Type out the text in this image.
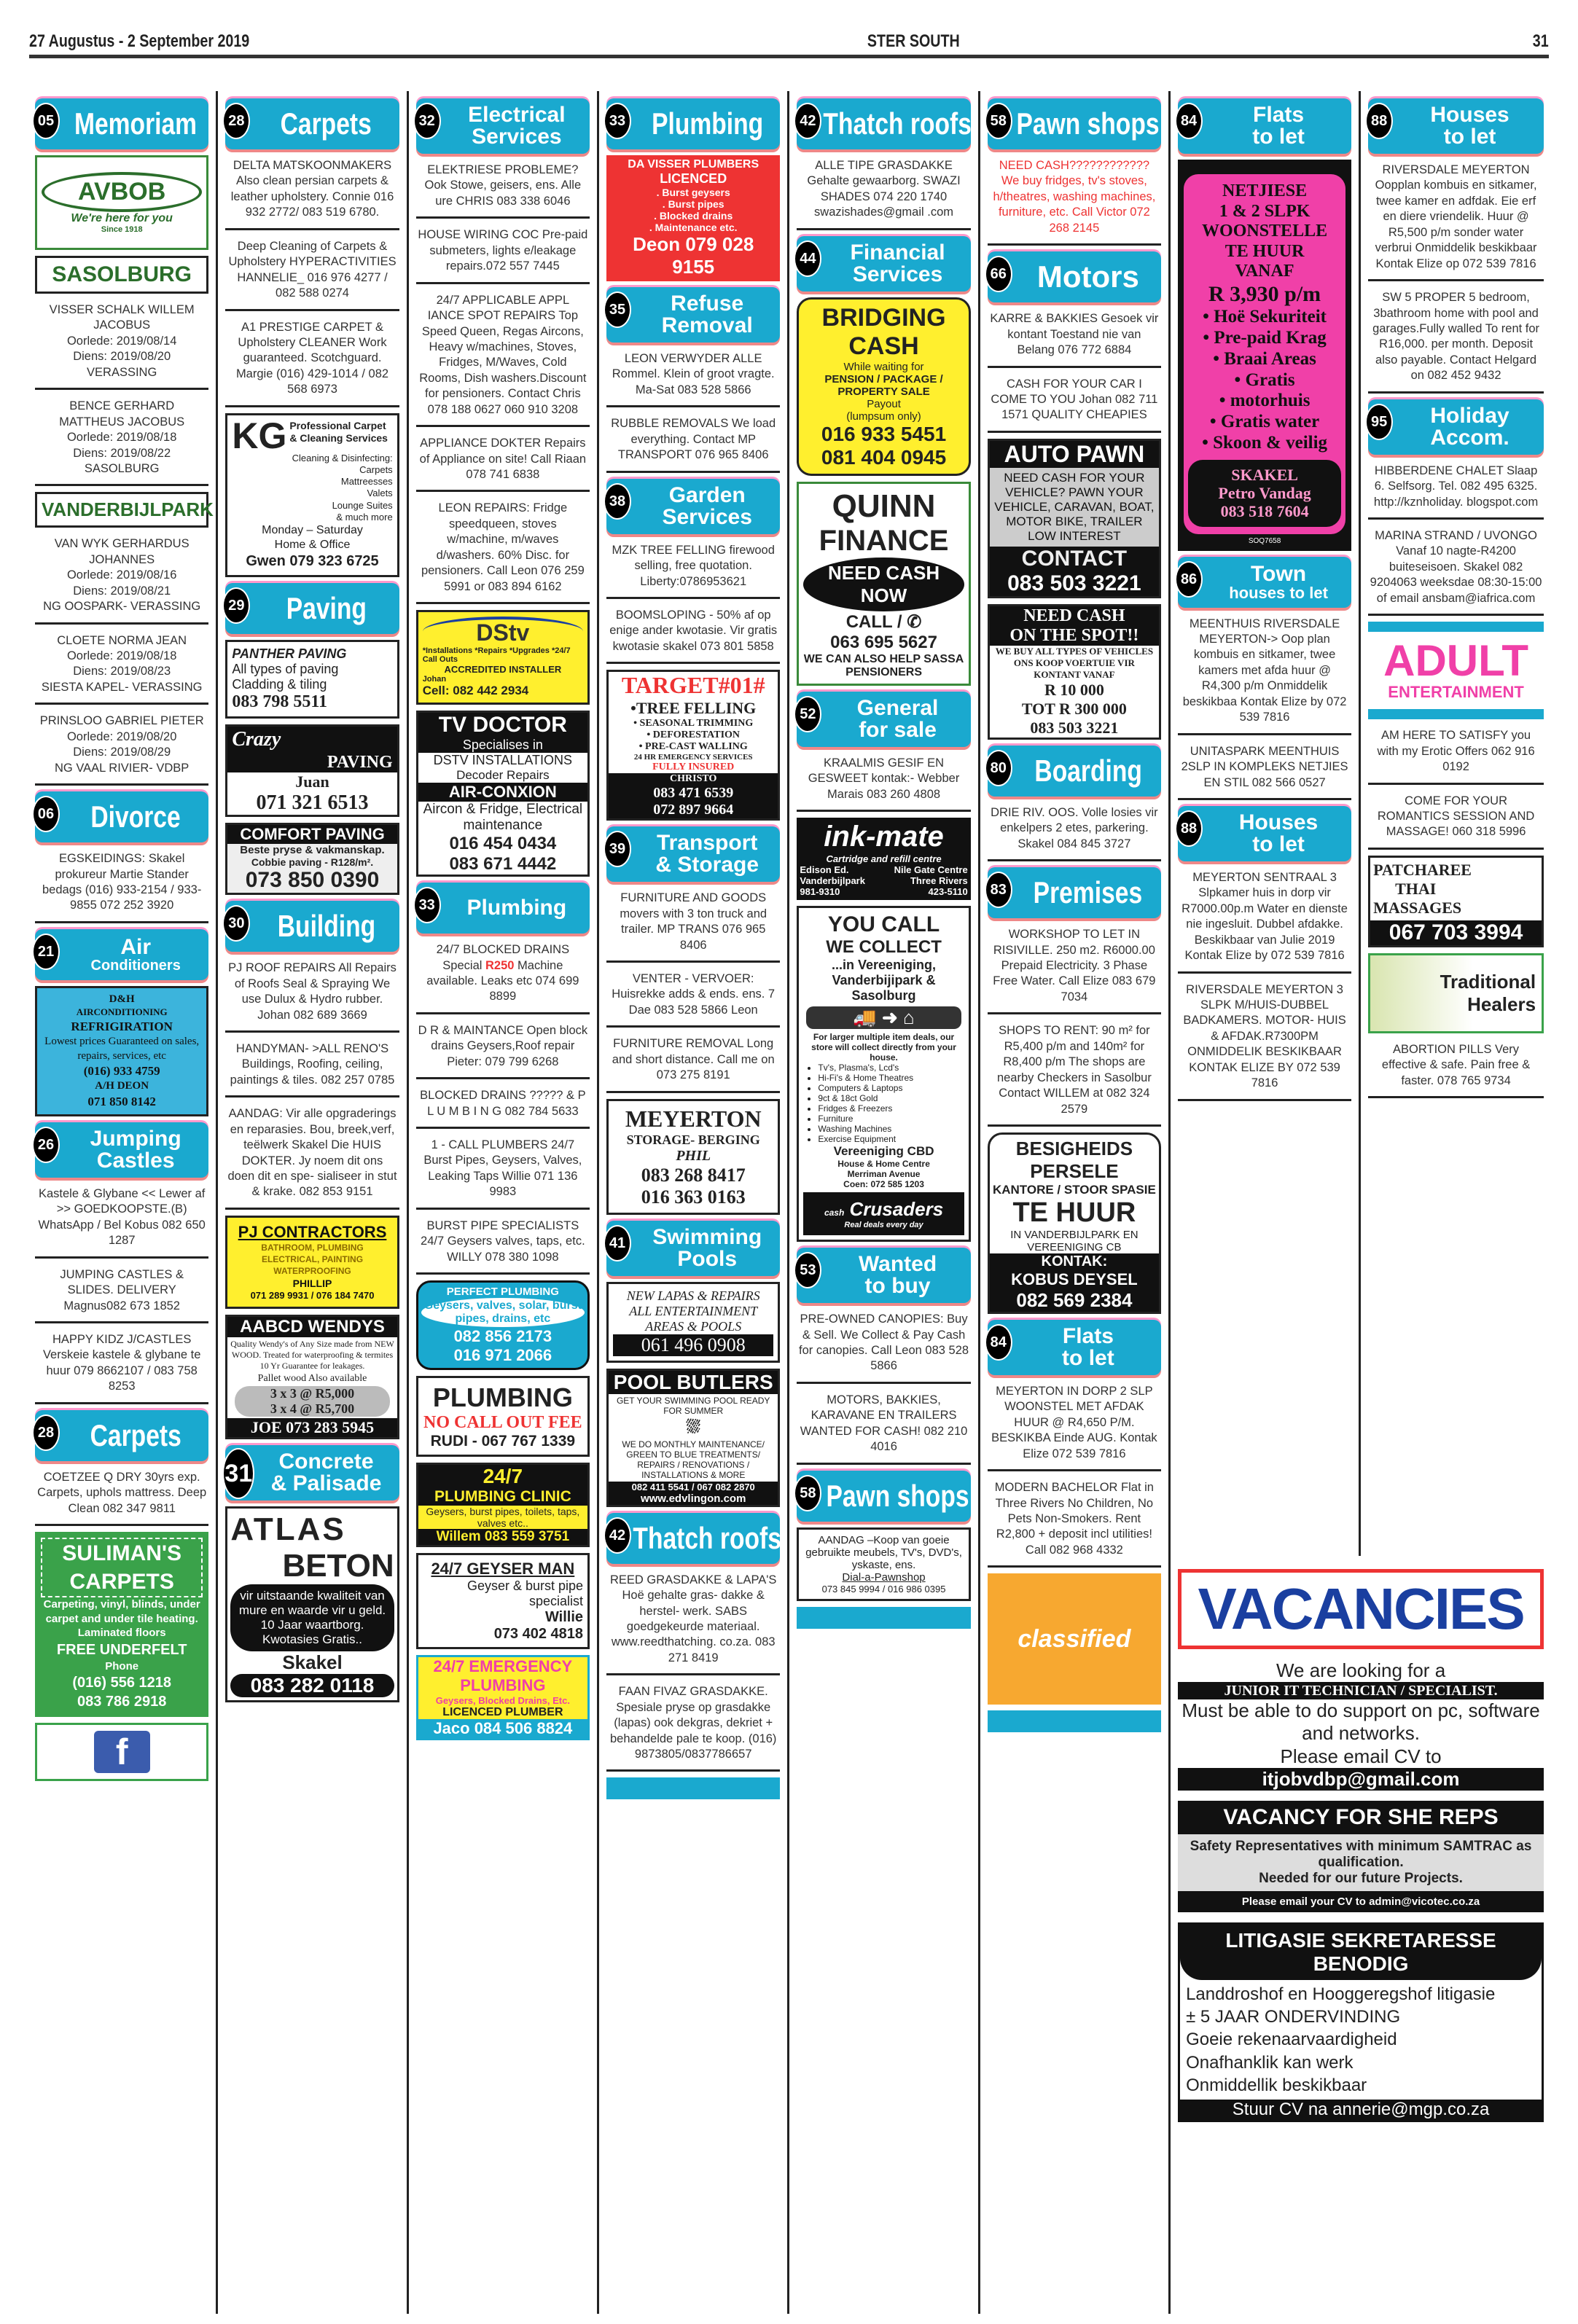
27 Augustus - 2 September 2019	STER SOUTH	31
05 Memoriam
AVBOB
We're here for you
Since 1918
SASOLBURG
VISSER SCHALK WILLEM JACOBUS
Oorlede: 2019/08/14
Diens: 2019/08/20
VERASSING
BENCE GERHARD MATTHEUS JACOBUS
Oorlede: 2019/08/18
Diens: 2019/08/22
SASOLBURG
VANDERBIJLPARK
VAN WYK GERHARDUS JOHANNES
Oorlede: 2019/08/16
Diens: 2019/08/21
NG OOSPARK- VERASSING
CLOETE NORMA JEAN
Oorlede: 2019/08/18
Diens: 2019/08/23
SIESTA KAPEL- VERASSING
PRINSLOO GABRIEL PIETER
Oorlede: 2019/08/20
Diens: 2019/08/29
NG VAAL RIVIER- VDBP
06 Divorce
EGSKEIDINGS: Skakel prokureur Martie Stander bedags (016) 933-2154 / 933-9855 072 252 3920
21	Air
Conditioners
D&H
AIRCONDITIONING
REFRIGIRATION
Lowest prices Guaranteed on sales, repairs, services, etc
(016) 933 4759
A/H DEON
071 850 8142
26 Jumping
Castles
Kastele & Glybane << Lewer af >> GOEDKOOPSTE.(B) WhatsApp / Bel Kobus 082 650 1287
JUMPING CASTLES & SLIDES. DELIVERY Magnus082 673 1852
HAPPY KIDZ J/CASTLES Verskeie kastele & glybane te huur 079 8662107 / 083 758 8253
28 Carpets
COETZEE Q DRY 30yrs exp. Carpets, uphols mattress. Deep Clean 082 347 9811
SULIMAN'S CARPETS
Carpeting, vinyl, blinds, under carpet and under tile heating. Laminated floors
FREE UNDERFELT
Phone
(016) 556 1218
083 786 2918
f
28 Carpets
DELTA MATSKOONMAKERS Also clean persian carpets & leather upholstery. Connie 016 932 2772/ 083 519 6780.
Deep Cleaning of Carpets & Upholstery HYPERACTIVITIES HANNELIE_ 016 976 4277 / 082 588 0274
A1 PRESTIGE CARPET & Upholstery CLEANER Work guaranteed. Scotchguard. Margie (016) 429-1014 / 082 568 6973
KG Professional Carpet & Cleaning Services
Cleaning & Disinfecting:
Carpets
Mattreesses
Valets
Lounge Suites
& much more
Monday – Saturday
Home & Office
Gwen 079 323 6725
29 Paving
PANTHER PAVING
All types of paving
Cladding & tiling
083 798 5511
Crazy
PAVING
Juan
071 321 6513
COMFORT PAVING
Beste pryse & vakmanskap.
Cobbie paving - R128/m².
073 850 0390
30 Building
PJ ROOF REPAIRS All Repairs of Roofs Seal & Spraying We use Dulux & Hydro rubber. Johan 082 689 3669
HANDYMAN- >ALL RENO'S Buildings, Roofing, ceiling, paintings & tiles. 082 257 0785
AANDAG: Vir alle opgraderings en reparasies. Bou, breek,verf, teëlwerk Skakel Die HUIS DOKTER. Jy noem dit ons doen dit en spe- sialiseer in stut & krake. 082 853 9151
PJ CONTRACTORS
BATHROOM, PLUMBING
ELECTRICAL, PAINTING
WATERPROOFING
PHILLIP
071 289 9931 / 076 184 7470
AABCD WENDYS
Quality Wendy's of Any Size made from NEW WOOD. Treated for waterproofing & termites 10 Yr Guarantee for leakages.
Pallet wood Also available
3 x 3 @ R5,000
3 x 4 @ R5,700
JOE 073 283 5945
31 Concrete
& Palisade
ATLAS
BETON
vir uitstaande kwaliteit van mure en waarde vir u geld. 10 Jaar waartborg. Kwotasies Gratis..
Skakel
083 282 0118
32 Electrical
Services
ELEKTRIESE PROBLEME? Ook Stowe, geisers, ens. Alle ure CHRIS 083 338 6046
HOUSE WIRING COC Pre-paid submeters, lights e/leakage repairs.072 557 7445
24/7 APPLICABLE APPL IANCE SPOT REPAIRS Top Speed Queen, Regas Aircons, Heavy w/machines, Stoves, Fridges, M/Waves, Cold Rooms, Dish washers.Discount for pensioners. Contact Chris 078 188 0627 060 910 3208
APPLIANCE DOKTER Repairs of Appliance on site! Call Riaan 078 741 6838
LEON REPAIRS: Fridge speedqueen, stoves w/machine, m/waves d/washers. 60% Disc. for pensioners. Call Leon 076 259 5991 or 083 894 6162
DStv
*Installations *Repairs *Upgrades *24/7 Call Outs
ACCREDITED INSTALLER
Johan
Cell: 082 442 2934
TV DOCTOR
Specialises in
DSTV INSTALLATIONS
Decoder Repairs
AIR-CONXION
Aircon & Fridge, Electrical maintenance
016 454 0434
083 671 4442
33 Plumbing
24/7 BLOCKED DRAINS Special R250 Machine available. Leaks etc 074 699 8899
D R & MAINTANCE Open block drains Geysers,Roof repair Pieter: 079 799 6268
BLOCKED DRAINS ????? & P L U M B I N G 082 784 5633
1 - CALL PLUMBERS 24/7 Burst Pipes, Geysers, Valves, Leaking Taps Willie 071 136 9983
BURST PIPE SPECIALISTS 24/7 Geysers valves, taps, etc. WILLY 078 380 1098
PERFECT PLUMBING
Geysers, valves, solar, burst pipes, drains, etc
082 856 2173
016 971 2066
PLUMBING
NO CALL OUT FEE
RUDI - 067 767 1339
24/7
PLUMBING CLINIC
Geysers, burst pipes, toilets, taps, valves etc..
Willem 083 559 3751
24/7 GEYSER MAN
Geyser & burst pipe specialist
Willie
073 402 4818
24/7 EMERGENCY PLUMBING
Geysers, Blocked Drains, Etc.
LICENCED PLUMBER
Jaco 084 506 8824
33 Plumbing
DA VISSER PLUMBERS
LICENCED
. Burst geysers
. Burst pipes
. Blocked drains
. Maintenance etc.
Deon 079 028 9155
35 Refuse
Removal
LEON VERWYDER ALLE Rommel. Klein of groot vragte. Ma-Sat 083 528 5866
RUBBLE REMOVALS We load everything. Contact MP TRANSPORT 076 965 8406
38 Garden
Services
MZK TREE FELLING firewood selling, free quotation. Liberty:0786953621
BOOMSLOPING - 50% af op enige ander kwotasie. Vir gratis kwotasie skakel 073 801 5858
TARGET#01#
•TREE FELLING
• SEASONAL TRIMMING
• DEFORESTATION
• PRE-CAST WALLING
24 HR EMERGENCY SERVICES
FULLY INSURED
CHRISTO
083 471 6539
072 897 9664
39 Transport
& Storage
FURNITURE AND GOODS movers with 3 ton truck and trailer. MP TRANS 076 965 8406
VENTER - VERVOER: Huisrekke adds & ends. ens. 7 Dae 083 528 5866 Leon
FURNITURE REMOVAL Long and short distance. Call me on 073 275 8191
MEYERTON
STORAGE- BERGING
PHIL
083 268 8417
016 363 0163
41 Swimming
Pools
NEW LAPAS & REPAIRS
ALL ENTERTAINMENT
AREAS & POOLS
061 496 0908
POOL BUTLERS
GET YOUR SWIMMING POOL READY FOR SUMMER
⛆
WE DO MONTHLY MAINTENANCE/ GREEN TO BLUE TREATMENTS/ REPAIRS / RENOVATIONS / INSTALLATIONS & MORE
082 411 5541 / 067 082 2870
www.edvlingon.com
42 Thatch roofs
REED GRASDAKKE & LAPA'S Hoë gehalte gras- dakke & herstel- werk. SABS goedgekeurde materiaal. www.reedthatching. co.za. 083 271 8419
FAAN FIVAZ GRASDAKKE. Spesiale pryse op grasdakke (lapas) ook dekgras, dekriet + behandelde pale te koop. (016) 9873805/0837786657
42 Thatch roofs
ALLE TIPE GRASDAKKE Gehalte gewaarborg. SWAZI SHADES 074 220 1740 swazishades@gmail .com
44 Financial
Services
BRIDGING
CASH
While waiting for
PENSION / PACKAGE / PROPERTY SALE
Payout
(lumpsum only)
016 933 5451
081 404 0945
QUINN
FINANCE
NEED CASH NOW
CALL / ✆
063 695 5627
WE CAN ALSO HELP SASSA PENSIONERS
52 General
for sale
KRAALMIS GESIF EN GESWEET kontak:- Webber Marais 083 260 4808
ink-mate
Cartridge and refill centre
Edison Ed.	Nile Gate Centre
Vanderbijlpark	Three Rivers
981-9310	423-5110
YOU CALL
WE COLLECT
...in Vereeniging, Vanderbijipark & Sasolburg
🚚 ➜ ⌂
For larger multiple item deals, our store will collect directly from your house.
• Tv's, Plasma's, Lcd's
• Hi-Fi's & Home Theatres
• Computers & Laptops
• 9ct & 18ct Gold
• Fridges & Freezers
• Furniture
• Washing Machines
• Exercise Equipment
Vereeniging CBD
House & Home Centre
Merriman Avenue
Coen: 072 585 1203
cash Crusaders
Real deals every day
53 Wanted
to buy
PRE-OWNED CANOPIES: Buy & Sell. We Collect & Pay Cash for canopies. Call Leon 083 528 5866
MOTORS, BAKKIES, KARAVANE EN TRAILERS WANTED FOR CASH! 082 210 4016
58 Pawn shops
AANDAG –Koop van goeie gebruikte meubels, TV's, DVD's, yskaste, ens.
Dial-a-Pawnshop
073 845 9994 / 016 986 0395
58 Pawn shops
NEED CASH???????????? We buy fridges, tv's stoves, h/theatres, washing machines, furniture, etc. Call Victor 072 268 2145
66 Motors
KARRE & BAKKIES Gesoek vir kontant Toestand nie van Belang 076 772 6884
CASH FOR YOUR CAR I COME TO YOU Johan 082 711 1571 QUALITY CHEAPIES
AUTO PAWN
NEED CASH FOR YOUR VEHICLE? PAWN YOUR VEHICLE, CARAVAN, BOAT, MOTOR BIKE, TRAILER LOW INTEREST
CONTACT
083 503 3221
NEED CASH
ON THE SPOT!!
WE BUY ALL TYPES OF VEHICLES
ONS KOOP VOERTUIE VIR KONTANT VANAF
R 10 000
TOT R 300 000
083 503 3221
80 Boarding
DRIE RIV. OOS. Volle losies vir enkelpers 2 etes, parkering. Skakel 084 845 3727
83 Premises
WORKSHOP TO LET IN RISIVILLE. 250 m2. R6000.00 Prepaid Electricity. 3 Phase Free Water. Call Elize 083 679 7034
SHOPS TO RENT: 90 m² for R5,400 p/m and 140m² for R8,400 p/m The shops are nearby Checkers in Sasolbur Contact WILLEM at 082 324 2579
BESIGHEIDS
PERSELE
KANTORE / STOOR SPASIE
TE HUUR
IN VANDERBIJLPARK EN VEREENIGING CB
KONTAK:
KOBUS DEYSEL
082 569 2384
84	Flats
to let
MEYERTON IN DORP 2 SLP WOONSTEL MET AFDAK HUUR @ R4,650 P/M. BESKIKBA Einde AUG. Kontak Elize 072 539 7816
MODERN BACHELOR Flat in Three Rivers No Children, No Pets Non-Smokers. Rent R2,800 + deposit incl utilities! Call 082 968 4332
classified
84	Flats
to let
NETJIESE
1 & 2 SLPK
WOONSTELLE
TE HUUR
VANAF
R 3,930 p/m
• Hoë Sekuriteit
• Pre-paid Krag
• Braai Areas
• Gratis
• motorhuis
• Gratis water
• Skoon & veilig
SKAKEL
Petro Vandag
083 518 7604
SOQ7658
86 Town
houses to let
MEENTHUIS RIVERSDALE MEYERTON-> Oop plan kombuis en sitkamer, twee kamers met afda huur @ R4,300 p/m Onmiddelik beskikbaa Kontak Elize by 072 539 7816
UNITASPARK MEENTHUIS 2SLP IN KOMPLEKS NETJIES EN STIL 082 566 0527
88 Houses
to let
MEYERTON SENTRAAL 3 Slpkamer huis in dorp vir R7000.00p.m Water en dienste nie ingesluit. Dubbel afdakke. Beskikbaar van Julie 2019 Kontak Elize by 072 539 7816
RIVERSDALE MEYERTON 3 SLPK M/HUIS-DUBBEL BADKAMERS. MOTOR- HUIS & AFDAK.R7300PM ONMIDDELIK BESKIKBAAR KONTAK ELIZE BY 072 539 7816
88 Houses
to let
RIVERSDALE MEYERTON Oopplan kombuis en sitkamer, twee kamer en adfdak. Eie erf en diere vriendelik. Huur @ R5,500 p/m sonder water verbrui Onmiddelik beskikbaar Kontak Elize op 072 539 7816
SW 5 PROPER 5 bedroom, 3bathroom home with pool and garages.Fully walled To rent for R16,000. per month. Deposit also payable. Contact Helgard on 082 452 9432
95 Holiday
Accom.
HIBBERDENE CHALET Slaap 6. Selfsorg. Tel. 082 495 6325. http://kznholiday. blogspot.com
MARINA STRAND / UVONGO Vanaf 10 nagte-R4200 buiteseisoen. Skakel 082 9204063 weeksdae 08:30-15:00 of email ansbam@iafrica.com
ADULT
ENTERTAINMENT
AM HERE TO SATISFY you with my Erotic Offers 062 916 0192
COME FOR YOUR ROMANTICS SESSION AND MASSAGE! 060 318 5996
PATCHAREE
THAI
MASSAGES
067 703 3994
Traditional
Healers
ABORTION PILLS Very effective & safe. Pain free & faster. 078 765 9734
VACANCIES
We are looking for a
JUNIOR IT TECHNICIAN / SPECIALIST.
Must be able to do support on pc, software and networks.
Please email CV to
itjobvdbp@gmail.com
VACANCY FOR SHE REPS
Safety Representatives with minimum SAMTRAC as qualification.
Needed for our future Projects.
Please email your CV to admin@vicotec.co.za
LITIGASIE SEKRETARESSE BENODIG
Landdroshof en Hooggeregshof litigasie
± 5 JAAR ONDERVINDING
Goeie rekenaarvaardigheid
Onafhanklik kan werk
Onmiddellik beskikbaar
Stuur CV na annerie@mgp.co.za
